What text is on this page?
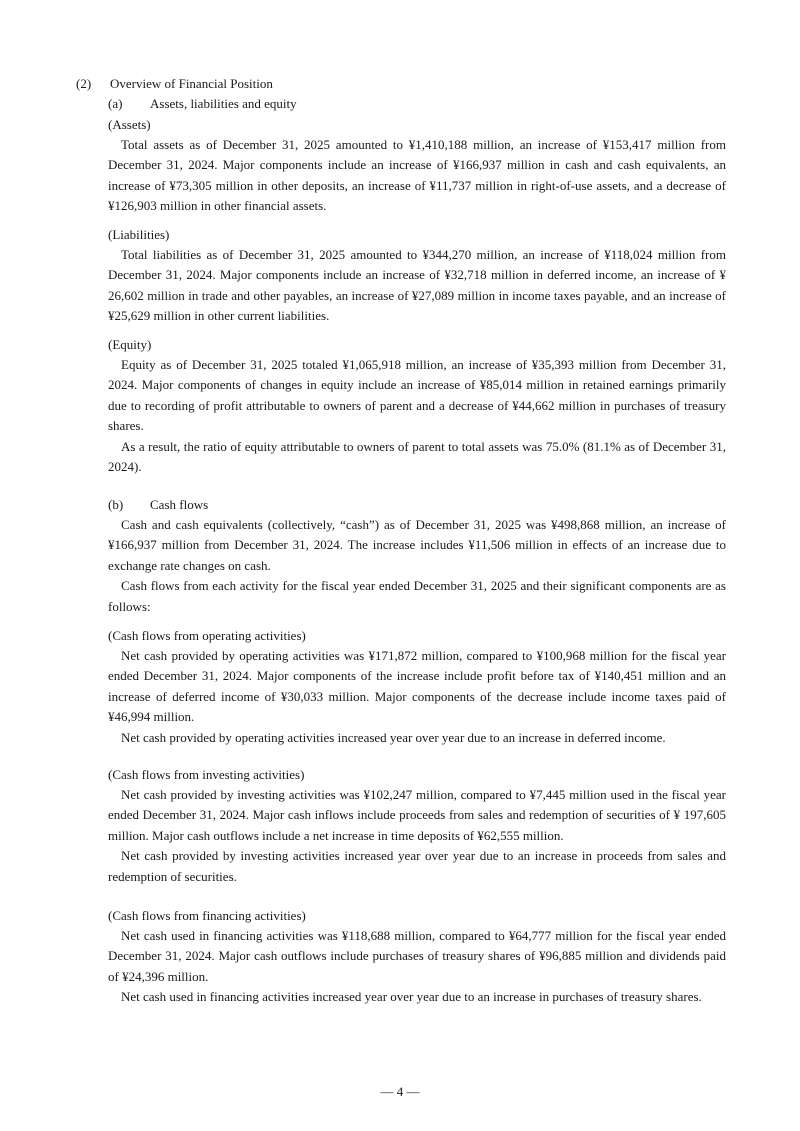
(2) Overview of Financial Position
(a) Assets, liabilities and equity
(Assets)

Total assets as of December 31, 2025 amounted to ¥1,410,188 million, an increase of ¥153,417 million from December 31, 2024. Major components include an increase of ¥166,937 million in cash and cash equivalents, an increase of ¥73,305 million in other deposits, an increase of ¥11,737 million in right-of-use assets, and a decrease of ¥126,903 million in other financial assets.

(Liabilities)

Total liabilities as of December 31, 2025 amounted to ¥344,270 million, an increase of ¥118,024 million from December 31, 2024. Major components include an increase of ¥32,718 million in deferred income, an increase of ¥ 26,602 million in trade and other payables, an increase of ¥27,089 million in income taxes payable, and an increase of ¥25,629 million in other current liabilities.

(Equity)

Equity as of December 31, 2025 totaled ¥1,065,918 million, an increase of ¥35,393 million from December 31, 2024. Major components of changes in equity include an increase of ¥85,014 million in retained earnings primarily due to recording of profit attributable to owners of parent and a decrease of ¥44,662 million in purchases of treasury shares.

As a result, the ratio of equity attributable to owners of parent to total assets was 75.0% (81.1% as of December 31, 2024).

(b) Cash flows

Cash and cash equivalents (collectively, “cash”) as of December 31, 2025 was ¥498,868 million, an increase of ¥166,937 million from December 31, 2024. The increase includes ¥11,506 million in effects of an increase due to exchange rate changes on cash.

Cash flows from each activity for the fiscal year ended December 31, 2025 and their significant components are as follows:

(Cash flows from operating activities)

Net cash provided by operating activities was ¥171,872 million, compared to ¥100,968 million for the fiscal year ended December 31, 2024. Major components of the increase include profit before tax of ¥140,451 million and an increase of deferred income of ¥30,033 million. Major components of the decrease include income taxes paid of ¥46,994 million.

Net cash provided by operating activities increased year over year due to an increase in deferred income.

(Cash flows from investing activities)

Net cash provided by investing activities was ¥102,247 million, compared to ¥7,445 million used in the fiscal year ended December 31, 2024. Major cash inflows include proceeds from sales and redemption of securities of ¥ 197,605 million. Major cash outflows include a net increase in time deposits of ¥62,555 million.

Net cash provided by investing activities increased year over year due to an increase in proceeds from sales and redemption of securities.

(Cash flows from financing activities)

Net cash used in financing activities was ¥118,688 million, compared to ¥64,777 million for the fiscal year ended December 31, 2024. Major cash outflows include purchases of treasury shares of ¥96,885 million and dividends paid of ¥24,396 million.

Net cash used in financing activities increased year over year due to an increase in purchases of treasury shares.

— 4 —
